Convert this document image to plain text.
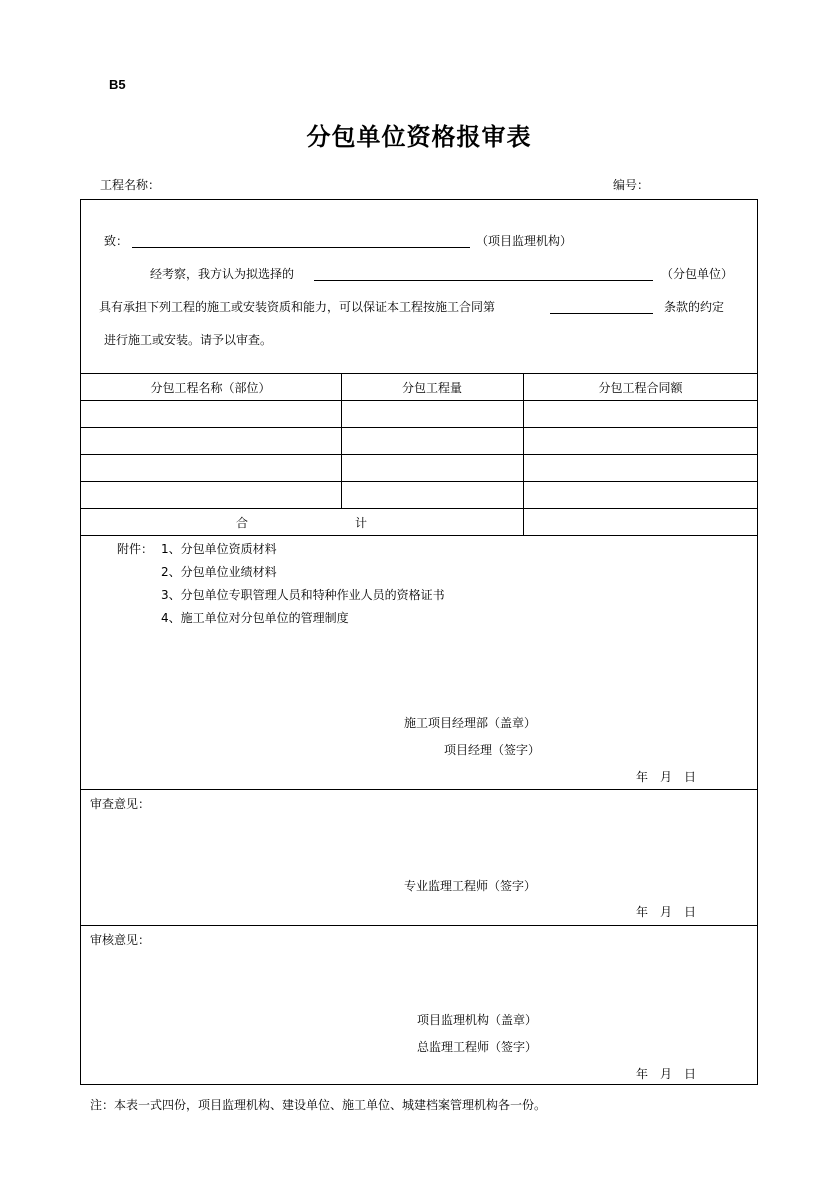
B5
分包单位资格报审表
工程名称：	编号：
致：	（项目监理机构）
经考察，我方认为拟选择的	（分包单位）
具有承担下列工程的施工或安装资质和能力，可以保证本工程按施工合同第	条款的约定
进行施工或安装。请予以审查。
分包工程名称（部位）	分包工程量	分包工程合同额
合	计
附件： 1、分包单位资质材料
2、分包单位业绩材料
3、分包单位专职管理人员和特种作业人员的资格证书
4、施工单位对分包单位的管理制度
施工项目经理部（盖章）
项目经理（签字）
年　月　日
审查意见：
专业监理工程师（签字）
年　月　日
审核意见：
项目监理机构（盖章）
总监理工程师（签字）
年　月　日
注：本表一式四份，项目监理机构、建设单位、施工单位、城建档案管理机构各一份。
